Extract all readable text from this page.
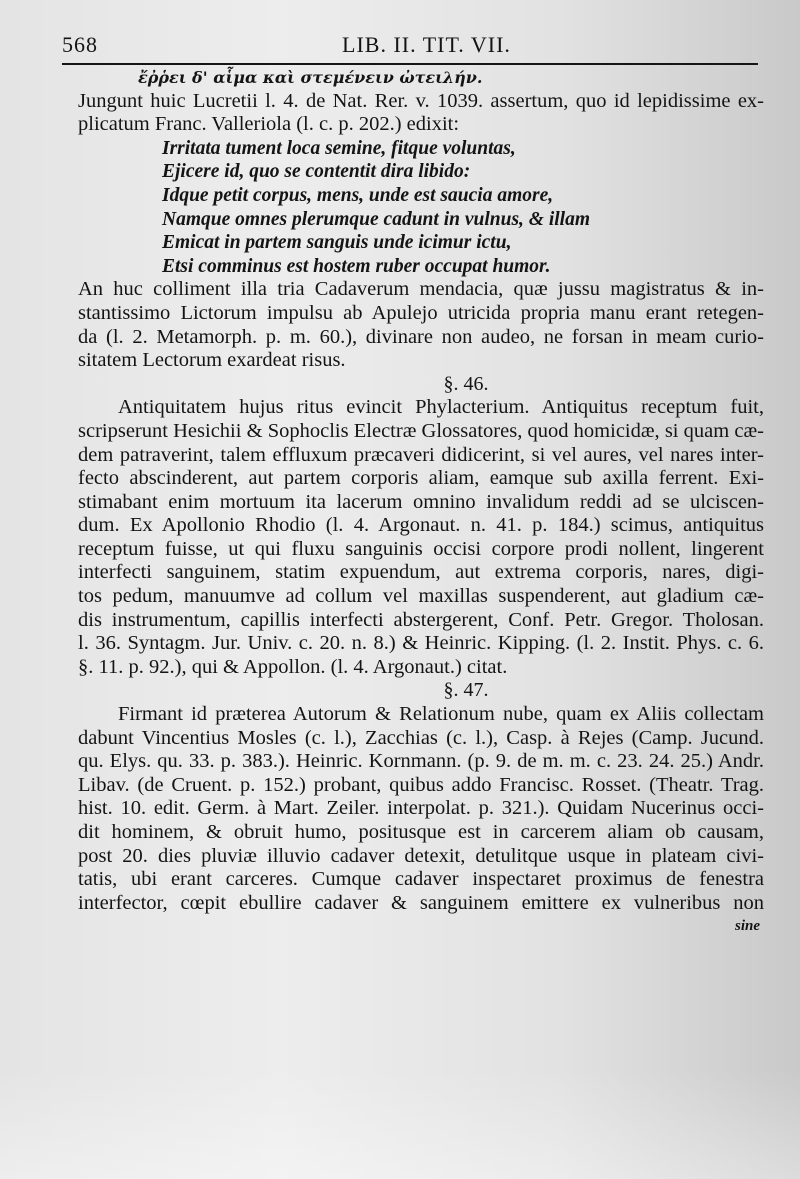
568	LIB. II. TIT. VII.
ἔῤῥει δ' αἷμα καὶ στεμένειν ὠτειλήν.
Jungunt huic Lucretii l. 4. de Nat. Rer. v. 1039. assertum, quo id lepidissime ex-
plicatum Franc. Valleriola (l. c. p. 202.) edixit:
Irritata tument loca semine, fitque voluntas,
Ejicere id, quo se contentit dira libido:
Idque petit corpus, mens, unde est saucia amore,
Namque omnes plerumque cadunt in vulnus, & illam
Emicat in partem sanguis unde icimur ictu,
Etsi comminus est hostem ruber occupat humor.
An huc colliment illa tria Cadaverum mendacia, quæ jussu magistratus & in-
stantissimo Lictorum impulsu ab Apulejo utricida propria manu erant retegen-
da (l. 2. Metamorph. p. m. 60.), divinare non audeo, ne forsan in meam curio-
sitatem Lectorum exardeat risus.
§. 46.
Antiquitatem hujus ritus evincit Phylacterium. Antiquitus receptum fuit,
scripserunt Hesichii & Sophoclis Electræ Glossatores, quod homicidæ, si quam cæ-
dem patraverint, talem effluxum præcaveri didicerint, si vel aures, vel nares inter-
fecto abscinderent, aut partem corporis aliam, eamque sub axilla ferrent. Exi-
stimabant enim mortuum ita lacerum omnino invalidum reddi ad se ulciscen-
dum. Ex Apollonio Rhodio (l. 4. Argonaut. n. 41. p. 184.) scimus, antiquitus
receptum fuisse, ut qui fluxu sanguinis occisi corpore prodi nollent, lingerent
interfecti sanguinem, statim expuendum, aut extrema corporis, nares, digi-
tos pedum, manuumve ad collum vel maxillas suspenderent, aut gladium cæ-
dis instrumentum, capillis interfecti abstergerent, Conf. Petr. Gregor. Tholosan.
l. 36. Syntagm. Jur. Univ. c. 20. n. 8.) & Heinric. Kipping. (l. 2. Instit. Phys. c. 6.
§. 11. p. 92.), qui & Appollon. (l. 4. Argonaut.) citat.
§. 47.
Firmant id præterea Autorum & Relationum nube, quam ex Aliis collectam
dabunt Vincentius Mosles (c. l.), Zacchias (c. l.), Casp. à Rejes (Camp. Jucund.
qu. Elys. qu. 33. p. 383.). Heinric. Kornmann. (p. 9. de m. m. c. 23. 24. 25.) Andr.
Libav. (de Cruent. p. 152.) probant, quibus addo Francisc. Rosset. (Theatr. Trag.
hist. 10. edit. Germ. à Mart. Zeiler. interpolat. p. 321.). Quidam Nucerinus occi-
dit hominem, & obruit humo, positusque est in carcerem aliam ob causam,
post 20. dies pluviæ illuvio cadaver detexit, detulitque usque in plateam civi-
tatis, ubi erant carceres. Cumque cadaver inspectaret proximus de fenestra
interfector, cœpit ebullire cadaver & sanguinem emittere ex vulneribus non
sine
